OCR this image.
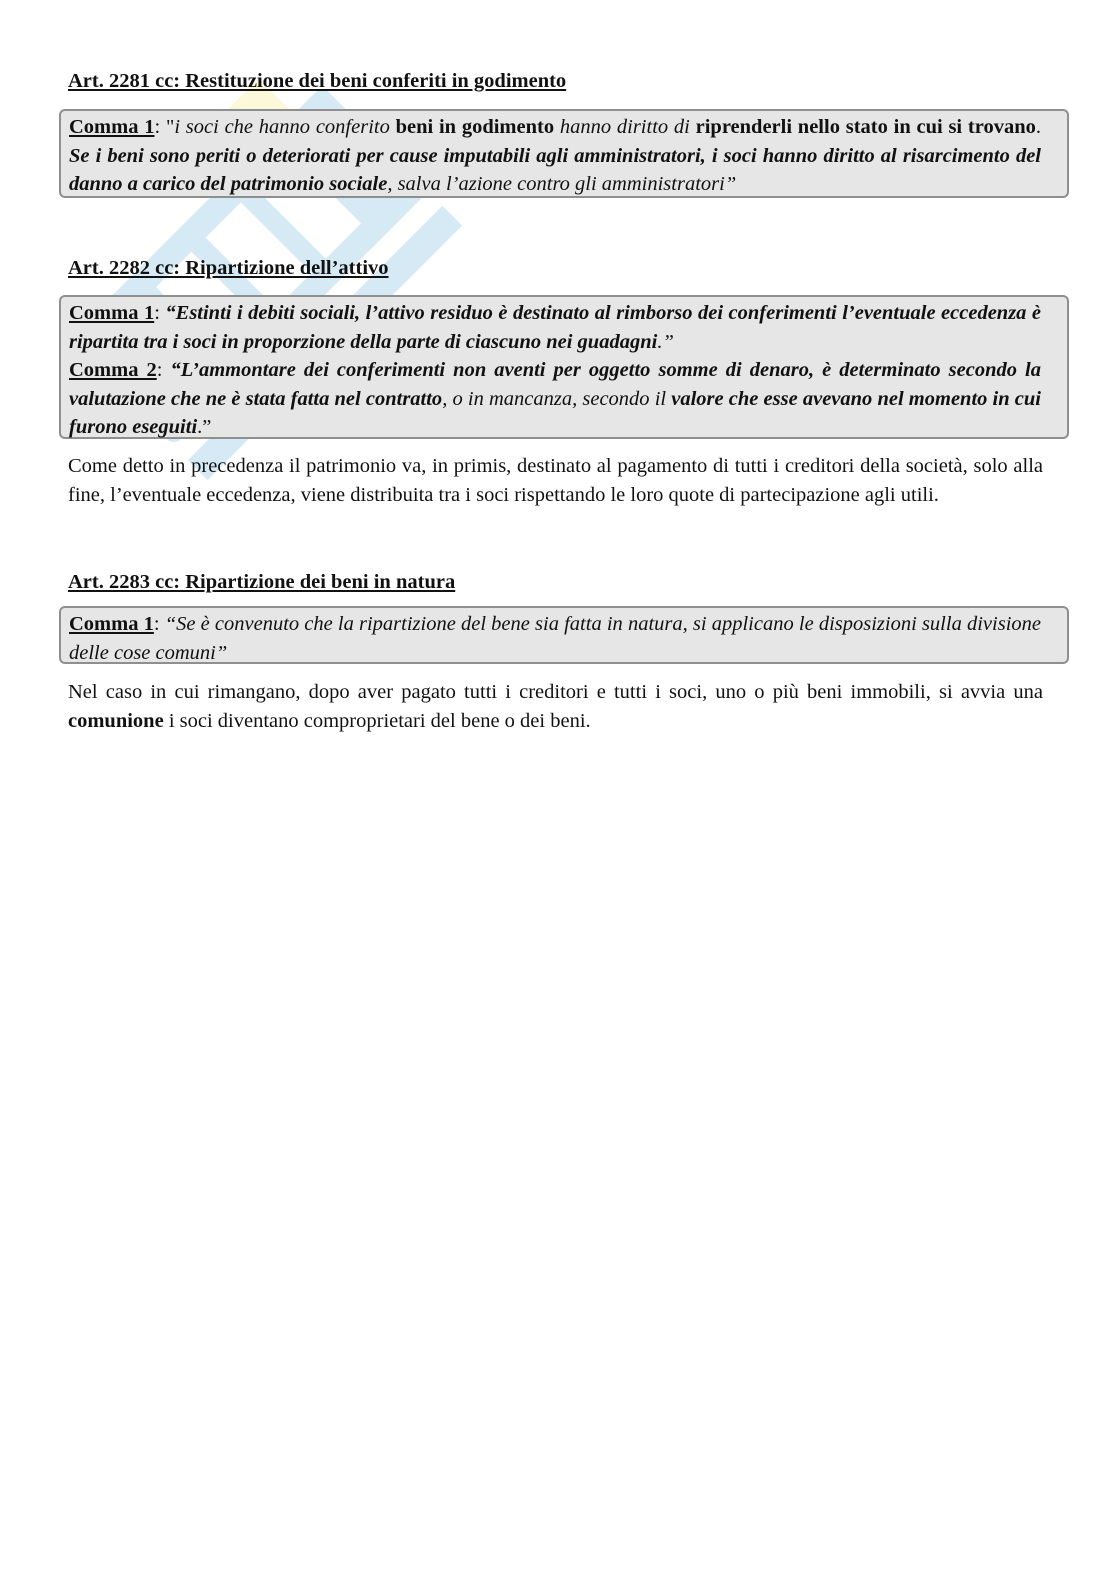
Art. 2281 cc: Restituzione dei beni conferiti in godimento

Comma 1: "i soci che hanno conferito beni in godimento hanno diritto di riprenderli nello stato in cui si trovano. Se i beni sono periti o deteriorati per cause imputabili agli amministratori, i soci hanno diritto al risarcimento del danno a carico del patrimonio sociale, salva l’azione contro gli amministratori”

Art. 2282 cc: Ripartizione dell’attivo

Comma 1: “Estinti i debiti sociali, l’attivo residuo è destinato al rimborso dei conferimenti l’eventuale eccedenza è ripartita tra i soci in proporzione della parte di ciascuno nei guadagni.”

Comma 2: “L’ammontare dei conferimenti non aventi per oggetto somme di denaro, è determinato secondo la valutazione che ne è stata fatta nel contratto, o in mancanza, secondo il valore che esse avevano nel momento in cui furono eseguiti.”

Come detto in precedenza il patrimonio va, in primis, destinato al pagamento di tutti i creditori della società, solo alla fine, l’eventuale eccedenza, viene distribuita tra i soci rispettando le loro quote di partecipazione agli utili.

Art. 2283 cc: Ripartizione dei beni in natura

Comma 1: “Se è convenuto che la ripartizione del bene sia fatta in natura, si applicano le disposizioni sulla divisione delle cose comuni”

Nel caso in cui rimangano, dopo aver pagato tutti i creditori e tutti i soci, uno o più beni immobili, si avvia una comunione i soci diventano comproprietari del bene o dei beni.
